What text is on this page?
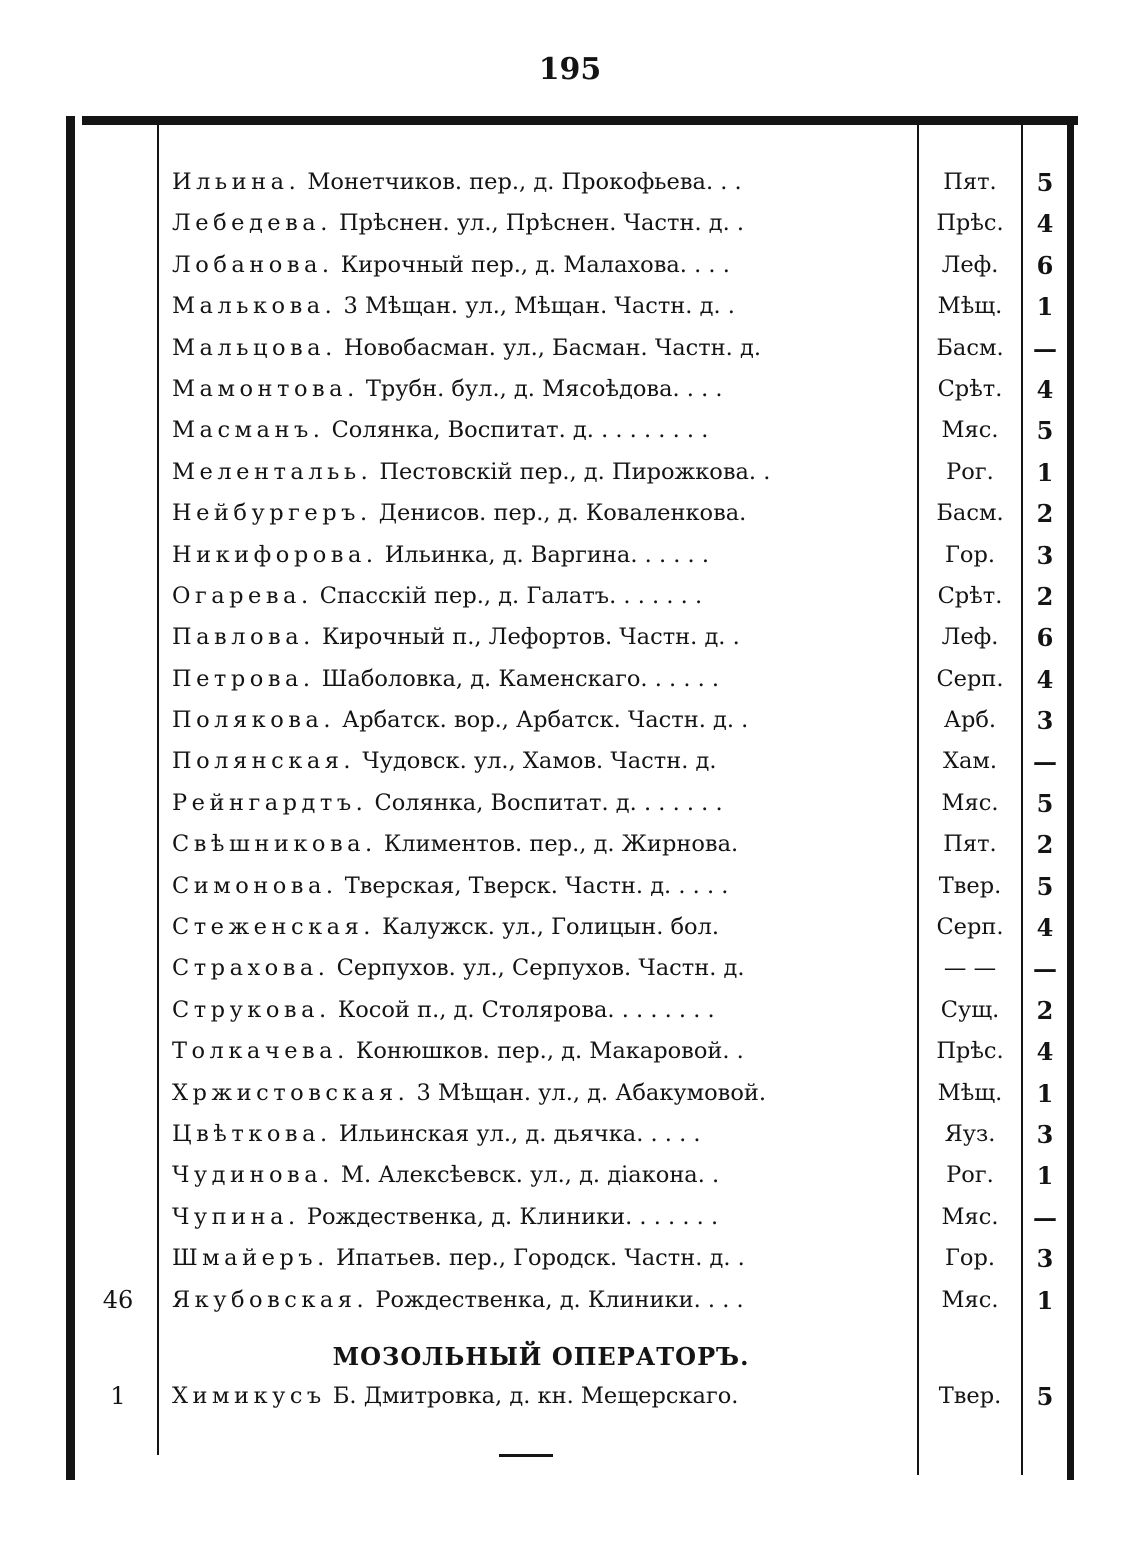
195
Ильина. Монетчиков. пер., д. Прокофьева. . .	Пят.	5
Лебедева. Прѣснен. ул., Прѣснен. Частн. д. .	Прѣс.	4
Лобанова. Кирочный пер., д. Малахова. . . .	Леф.	6
Малькова. 3 Мѣщан. ул., Мѣщан. Частн. д. .	Мѣщ.	1
Мальцова. Новобасман. ул., Басман. Частн. д.	Басм.	—
Мамонтова. Трубн. бул., д. Мясоѣдова. . . .	Срѣт.	4
Масманъ. Солянка, Воспитат. д. . . . . . . . .	Мяс.	5
Мелентальь. Пестовскій пер., д. Пирожкова. .	Рог.	1
Нейбургеръ. Денисов. пер., д. Коваленкова.	Басм.	2
Никифорова. Ильинка, д. Варгина. . . . . .	Гор.	3
Огарева. Спасскій пер., д. Галатъ. . . . . . .	Срѣт.	2
Павлова. Кирочный п., Лефортов. Частн. д. .	Леф.	6
Петрова. Шаболовка, д. Каменскаго. . . . . .	Серп.	4
Полякова. Арбатск. вор., Арбатск. Частн. д. .	Арб.	3
Полянская. Чудовск. ул., Хамов. Частн. д.	Хам.	—
Рейнгардтъ. Солянка, Воспитат. д. . . . . . .	Мяс.	5
Свѣшникова. Климентов. пер., д. Жирнова.	Пят.	2
Симонова. Тверская, Тверск. Частн. д. . . . .	Твер.	5
Стеженская. Калужск. ул., Голицын. бол.	Серп.	4
Страхова. Серпухов. ул., Серпухов. Частн. д.	— —	—
Струкова. Косой п., д. Столярова. . . . . . . .	Сущ.	2
Толкачева. Конюшков. пер., д. Макаровой. .	Прѣс.	4
Хржистовская. 3 Мѣщан. ул., д. Абакумовой.	Мѣщ.	1
Цвѣткова. Ильинская ул., д. дьячка. . . . .	Яуз.	3
Чудинова. М. Алексѣевск. ул., д. діакона. .	Рог.	1
Чупина. Рождественка, д. Клиники. . . . . . .	Мяс.	—
Шмайеръ. Ипатьев. пер., Городск. Частн. д. .	Гор.	3
46	Якубовская. Рождественка, д. Клиники. . . .	Мяс.	1
МОЗОЛЬНЫЙ ОПЕРАТОРЪ.
1	Химикусъ Б. Дмитровка, д. кн. Мещерскаго.	Твер.	5
